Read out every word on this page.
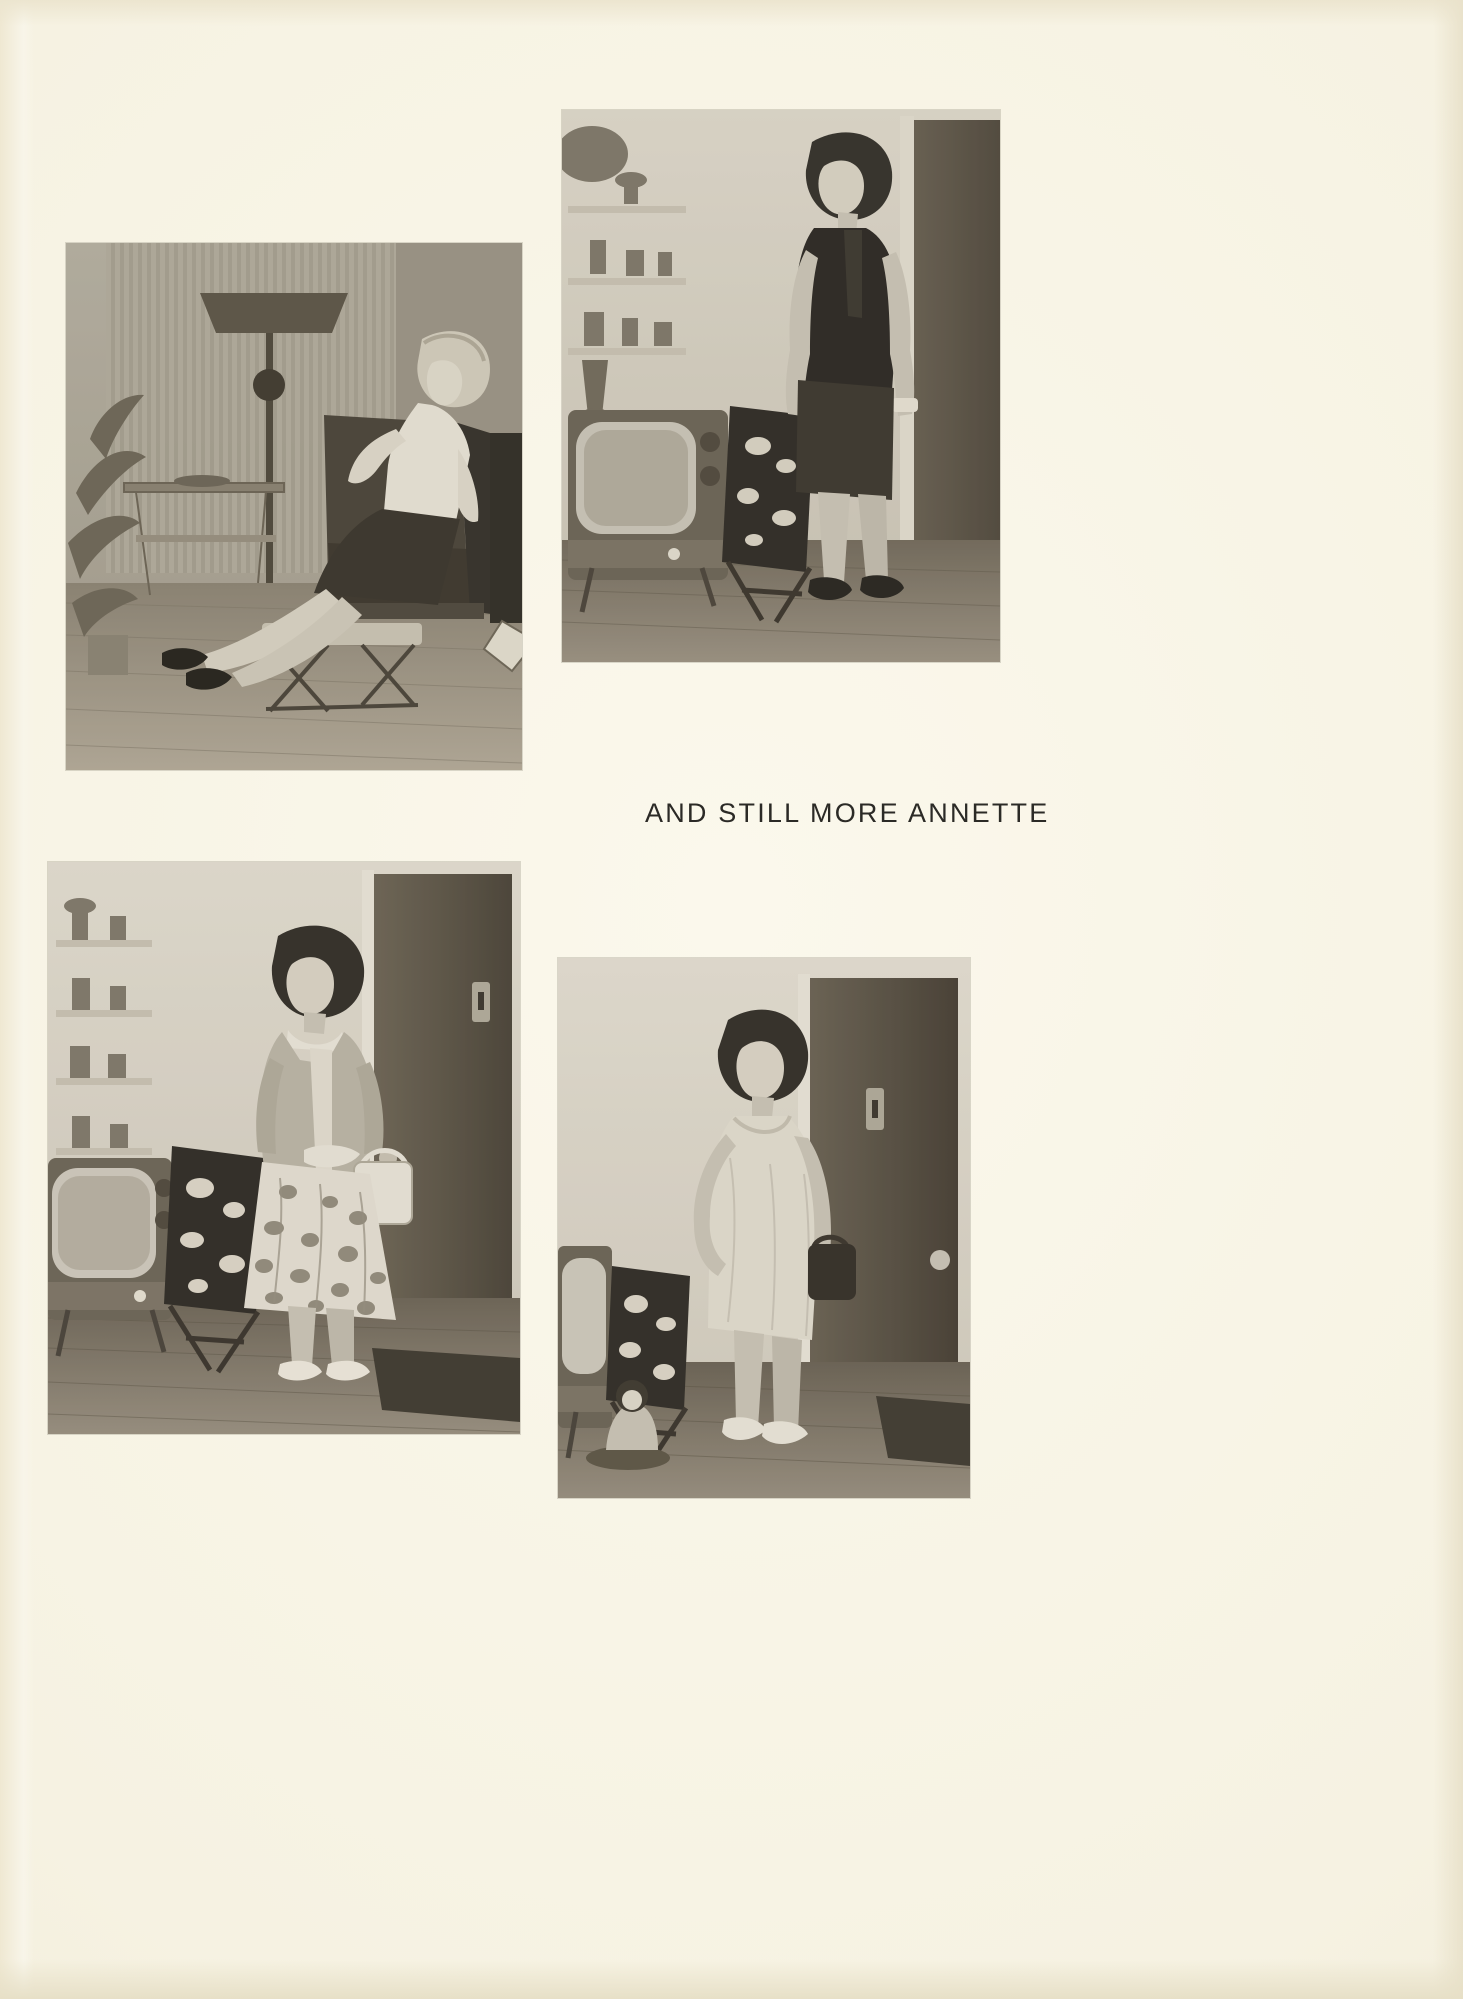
AND STILL MORE ANNETTE
